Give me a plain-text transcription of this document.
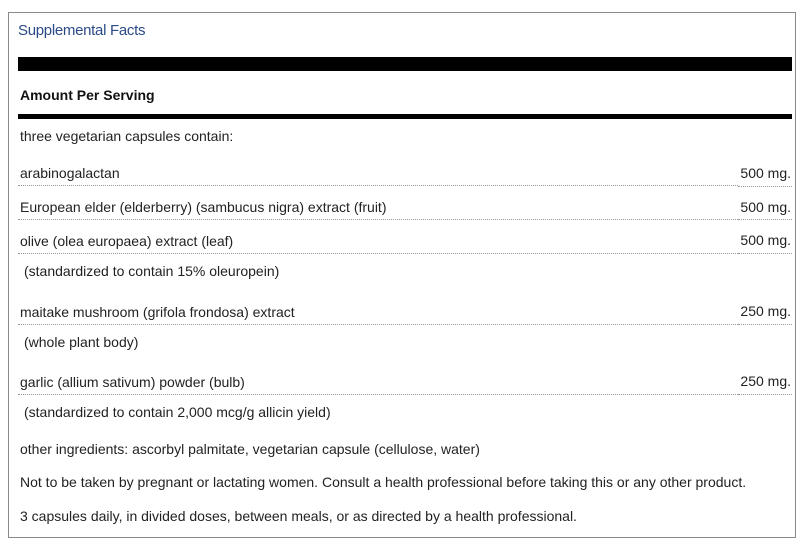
Supplemental Facts
Amount Per Serving
three vegetarian capsules contain:
arabinogalactan	500 mg.
European elder (elderberry) (sambucus nigra) extract (fruit)	500 mg.
olive (olea europaea) extract (leaf)	500 mg.
(standardized to contain 15% oleuropein)
maitake mushroom (grifola frondosa) extract	250 mg.
(whole plant body)
garlic (allium sativum) powder (bulb)	250 mg.
(standardized to contain 2,000 mcg/g allicin yield)
other ingredients: ascorbyl palmitate, vegetarian capsule (cellulose, water)
Not to be taken by pregnant or lactating women. Consult a health professional before taking this or any other product.
3 capsules daily, in divided doses, between meals, or as directed by a health professional.
